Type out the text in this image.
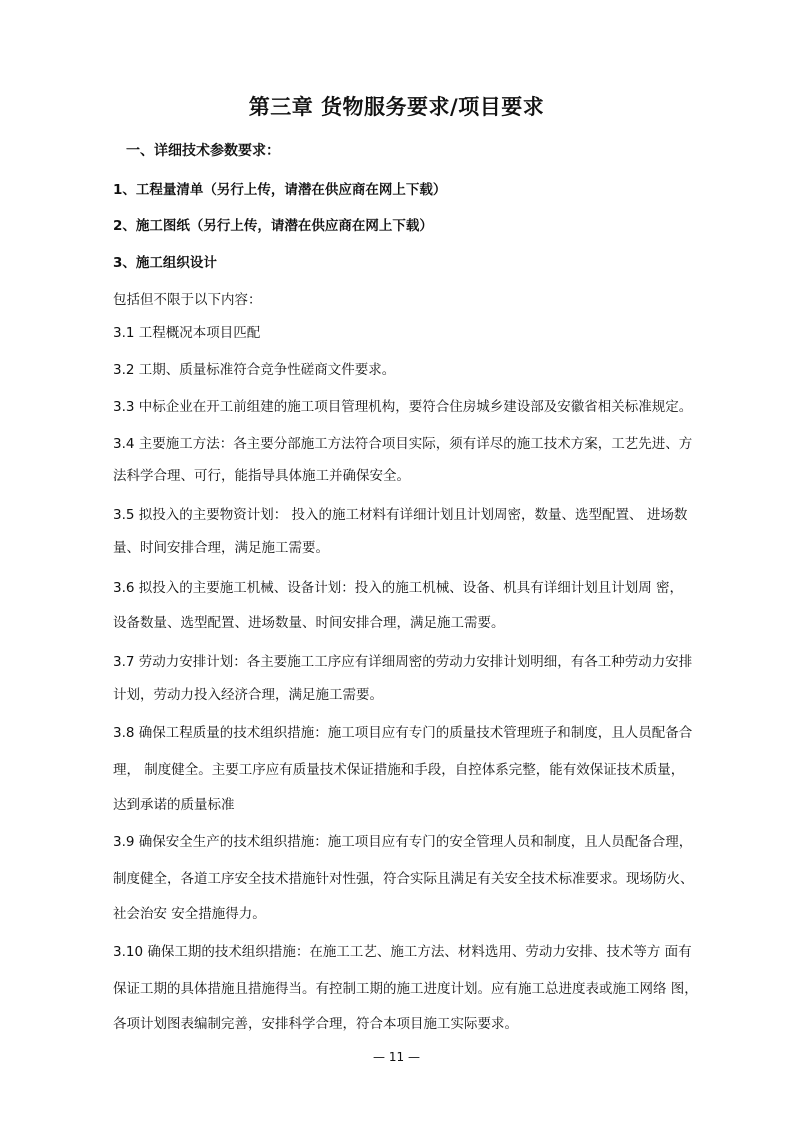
第三章 货物服务要求/项目要求
一、详细技术参数要求：
1、工程量清单（另行上传，请潜在供应商在网上下载）
2、施工图纸（另行上传，请潜在供应商在网上下载）
3、施工组织设计
包括但不限于以下内容：
3.1 工程概况本项目匹配
3.2 工期、质量标准符合竞争性磋商文件要求。
3.3 中标企业在开工前组建的施工项目管理机构，要符合住房城乡建设部及安徽省相关标准规定。
3.4 主要施工方法：各主要分部施工方法符合项目实际，须有详尽的施工技术方案，工艺先进、方
法科学合理、可行，能指导具体施工并确保安全。
3.5 拟投入的主要物资计划： 投入的施工材料有详细计划且计划周密，数量、选型配置、 进场数
量、时间安排合理，满足施工需要。
3.6 拟投入的主要施工机械、设备计划：投入的施工机械、设备、机具有详细计划且计划周 密，
设备数量、选型配置、进场数量、时间安排合理，满足施工需要。
3.7 劳动力安排计划：各主要施工工序应有详细周密的劳动力安排计划明细，有各工种劳动力安排
计划，劳动力投入经济合理，满足施工需要。
3.8 确保工程质量的技术组织措施：施工项目应有专门的质量技术管理班子和制度，且人员配备合
理， 制度健全。主要工序应有质量技术保证措施和手段，自控体系完整，能有效保证技术质量，
达到承诺的质量标准
3.9 确保安全生产的技术组织措施：施工项目应有专门的安全管理人员和制度，且人员配备合理，
制度健全，各道工序安全技术措施针对性强，符合实际且满足有关安全技术标准要求。现场防火、
社会治安 安全措施得力。
3.10 确保工期的技术组织措施：在施工工艺、施工方法、材料选用、劳动力安排、技术等方 面有
保证工期的具体措施且措施得当。有控制工期的施工进度计划。应有施工总进度表或施工网络 图，
各项计划图表编制完善，安排科学合理，符合本项目施工实际要求。
— 11 —
